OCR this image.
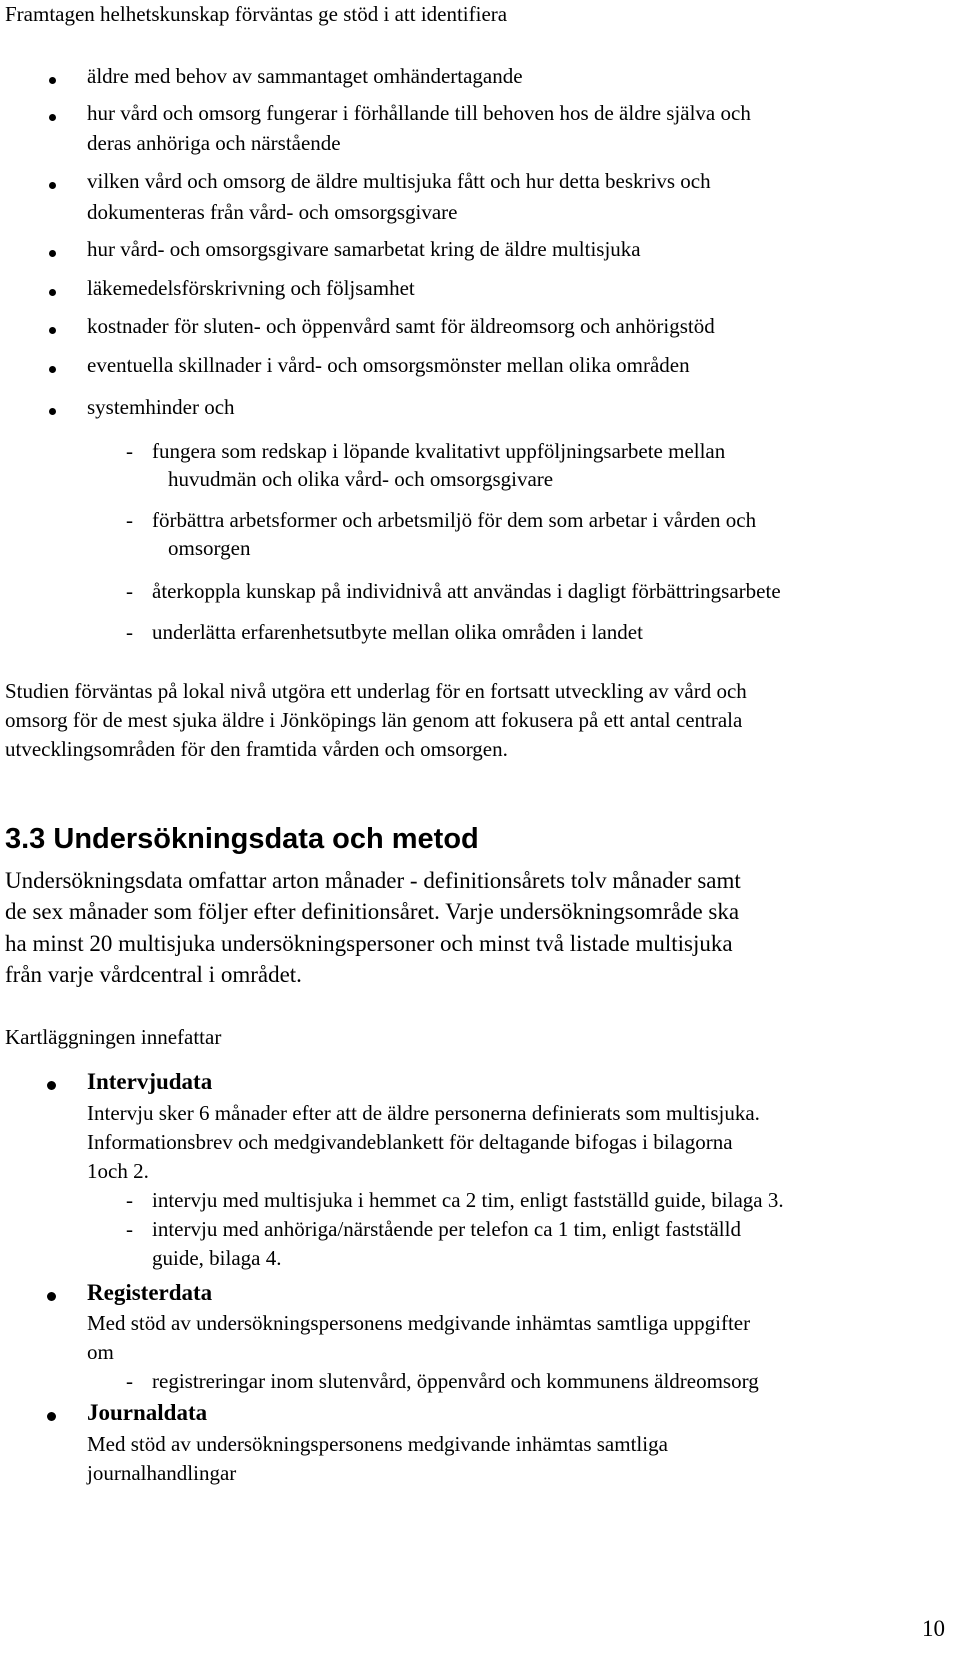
Framtagen helhetskunskap förväntas ge stöd i att identifiera
äldre med behov av sammantaget omhändertagande
hur vård och omsorg fungerar i förhållande till behoven hos de äldre själva och
deras anhöriga och närstående
vilken vård och omsorg de äldre multisjuka fått och hur detta beskrivs och
dokumenteras från vård- och omsorgsgivare
hur vård- och omsorgsgivare samarbetat kring de äldre multisjuka
läkemedelsförskrivning och följsamhet
kostnader för sluten- och öppenvård samt för äldreomsorg och anhörigstöd
eventuella skillnader i vård- och omsorgsmönster mellan olika områden
systemhinder och
- fungera som redskap i löpande kvalitativt uppföljningsarbete mellan
huvudmän och olika vård- och omsorgsgivare
- förbättra arbetsformer och arbetsmiljö för dem som arbetar i vården och
omsorgen
- återkoppla kunskap på individnivå att användas i dagligt förbättringsarbete
- underlätta erfarenhetsutbyte mellan olika områden i landet
Studien förväntas på lokal nivå utgöra ett underlag för en fortsatt utveckling av vård och
omsorg för de mest sjuka äldre i Jönköpings län genom att fokusera på ett antal centrala
utvecklingsområden för den framtida vården och omsorgen.
3.3 Undersökningsdata och metod
Undersökningsdata omfattar arton månader - definitionsårets tolv månader samt
de sex månader som följer efter definitionsåret. Varje undersökningsområde ska
ha minst 20 multisjuka undersökningspersoner och minst två listade multisjuka
från varje vårdcentral i området.
Kartläggningen innefattar
Intervjudata
Intervju sker 6 månader efter att de äldre personerna definierats som multisjuka.
Informationsbrev och medgivandeblankett för deltagande bifogas i bilagorna
1och 2.
- intervju med multisjuka i hemmet ca 2 tim, enligt fastställd guide, bilaga 3.
- intervju med anhöriga/närstående per telefon ca 1 tim, enligt fastställd
guide, bilaga 4.
Registerdata
Med stöd av undersökningspersonens medgivande inhämtas samtliga uppgifter
om
- registreringar inom slutenvård, öppenvård och kommunens äldreomsorg
Journaldata
Med stöd av undersökningspersonens medgivande inhämtas samtliga
journalhandlingar
10
